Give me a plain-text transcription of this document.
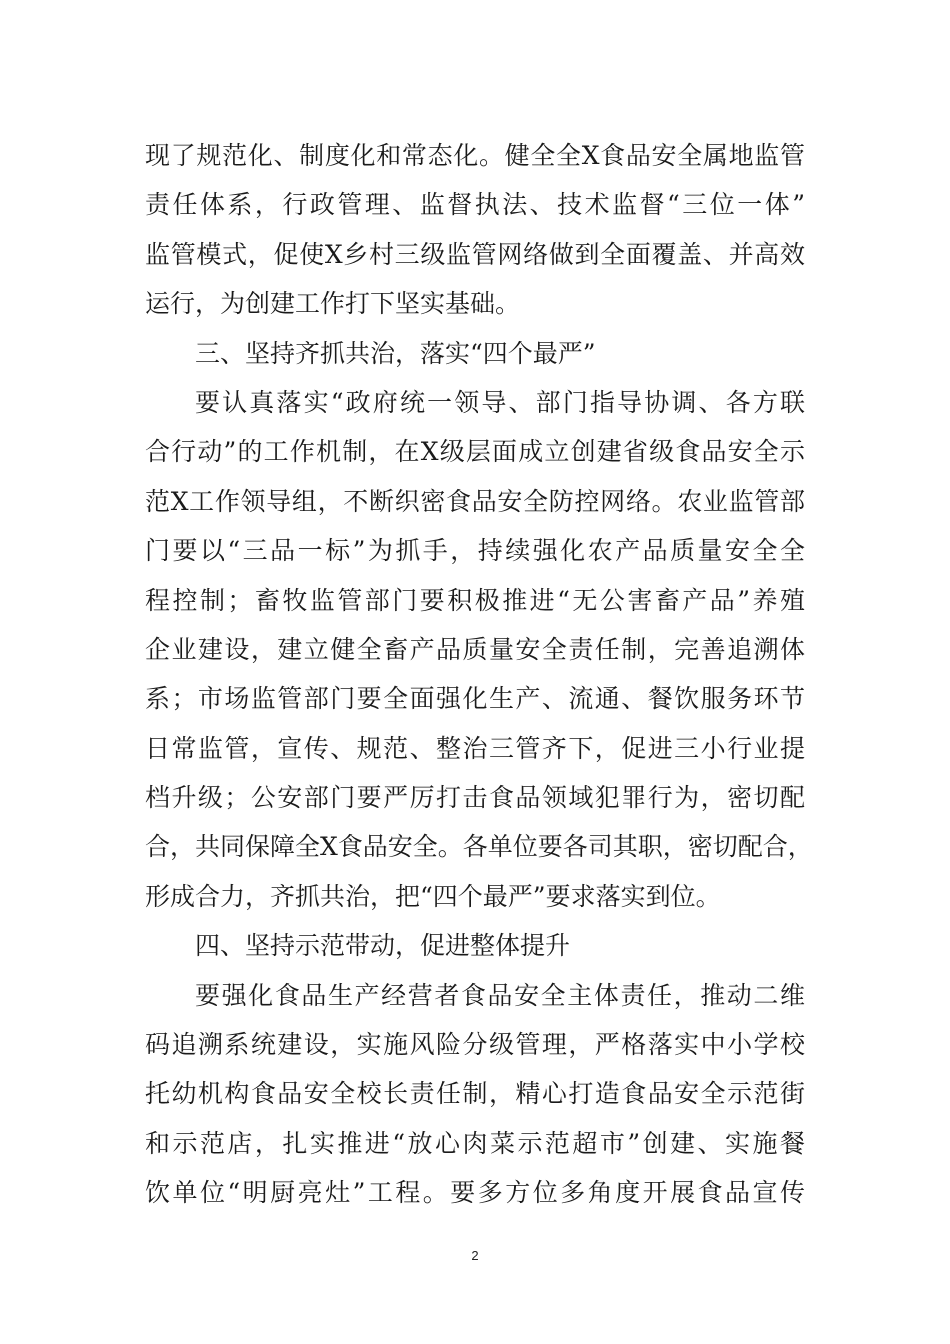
现了规范化、制度化和常态化。健全全X食品安全属地监管
责任体系，行政管理、监督执法、技术监督“三位一体”
监管模式，促使X乡村三级监管网络做到全面覆盖、并高效
运行，为创建工作打下坚实基础。
三、坚持齐抓共治，落实“四个最严”
要认真落实“政府统一领导、部门指导协调、各方联
合行动”的工作机制，在X级层面成立创建省级食品安全示
范X工作领导组，不断织密食品安全防控网络。农业监管部
门要以“三品一标”为抓手，持续强化农产品质量安全全
程控制；畜牧监管部门要积极推进“无公害畜产品”养殖
企业建设，建立健全畜产品质量安全责任制，完善追溯体
系；市场监管部门要全面强化生产、流通、餐饮服务环节
日常监管，宣传、规范、整治三管齐下，促进三小行业提
档升级；公安部门要严厉打击食品领域犯罪行为，密切配
合，共同保障全X食品安全。各单位要各司其职，密切配合，
形成合力，齐抓共治，把“四个最严”要求落实到位。
四、坚持示范带动，促进整体提升
要强化食品生产经营者食品安全主体责任，推动二维
码追溯系统建设，实施风险分级管理，严格落实中小学校
托幼机构食品安全校长责任制，精心打造食品安全示范街
和示范店，扎实推进“放心肉菜示范超市”创建、实施餐
饮单位“明厨亮灶”工程。要多方位多角度开展食品宣传
2
